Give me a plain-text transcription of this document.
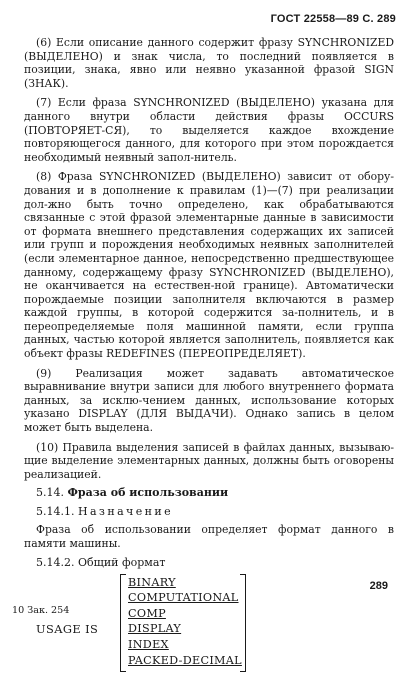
ГОСТ 22558—89 С. 289

(6) Если описание данного содержит фразу SYNCHRONIZED (ВЫДЕЛЕНО) и знак числа, то последний появляется в позиции, знака, явно или неявно указанной фразой SIGN (ЗНАК).

(7) Если фраза SYNCHRONIZED (ВЫДЕЛЕНО) указана для данного внутри области действия фразы OCCURS (ПОВТОРЯЕТ-СЯ), то выделяется каждое вхождение повторяющегося данного, для которого при этом порождается необходимый неявный запол-нитель.

(8) Фраза SYNCHRONIZED (ВЫДЕЛЕНО) зависит от обору-дования и в дополнение к правилам (1)—(7) при реализации дол-жно быть точно определено, как обрабатываются связанные с этой фразой элементарные данные в зависимости от формата внешнего представления содержащих их записей или групп и порождения необходимых неявных заполнителей (если элементарное данное, непосредственно предшествующее данному, содержащему фразу SYNCHRONIZED (ВЫДЕЛЕНО), не оканчивается на естествен-ной границе). Автоматически порождаемые позиции заполнителя включаются в размер каждой группы, в которой содержится за-полнитель, и в переопределяемые поля машинной памяти, если группа данных, частью которой является заполнитель, появляется как объект фразы REDEFINES (ПЕРЕОПРЕДЕЛЯЕТ).

(9) Реализация может задавать автоматическое выравнивание внутри записи для любого внутреннего формата данных, за исклю-чением данных, использование которых указано DISPLAY (ДЛЯ ВЫДАЧИ). Однако запись в целом может быть выделена.

(10) Правила выделения записей в файлах данных, вызываю-щие выделение элементарных данных, должны быть оговорены реализацией.

5.14. Фраза об использовании
5.14.1. Назначение

Фраза об использовании определяет формат данного в памяти машины.

5.14.2. Общий формат
USAGE IS
BINARY
COMPUTATIONAL
COMP
DISPLAY
INDEX
PACKED-DECIMAL
289
10 Зак. 254
